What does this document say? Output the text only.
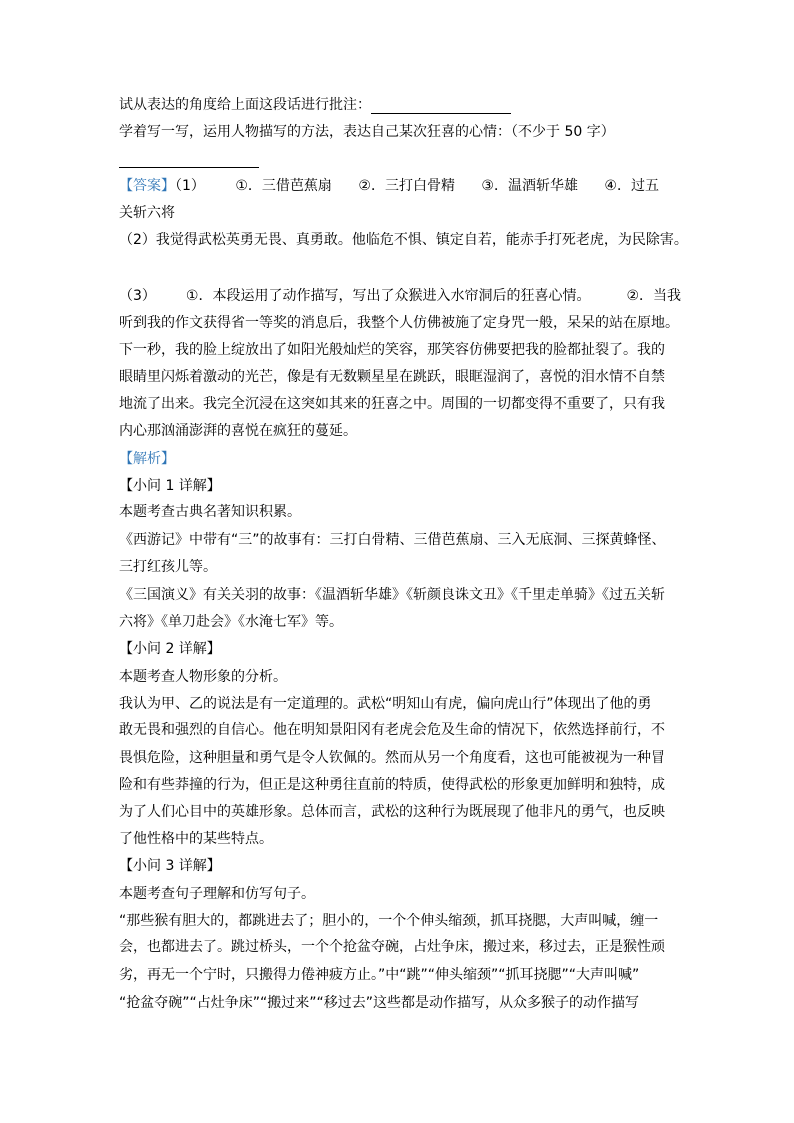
试从表达的角度给上面这段话进行批注：
学着写一写，运用人物描写的方法，表达自己某次狂喜的心情：（不少于 50 字）
【答案】（1） ①．三借芭蕉扇 ②．三打白骨精 ③．温酒斩华雄 ④．过五
关斩六将
（2）我觉得武松英勇无畏、真勇敢。他临危不惧、镇定自若，能赤手打死老虎，为民除害。
（3） ①．本段运用了动作描写，写出了众猴进入水帘洞后的狂喜心情。	②．当我
听到我的作文获得省一等奖的消息后，我整个人仿佛被施了定身咒一般，呆呆的站在原地。
下一秒，我的脸上绽放出了如阳光般灿烂的笑容，那笑容仿佛要把我的脸都扯裂了。我的
眼睛里闪烁着激动的光芒，像是有无数颗星星在跳跃，眼眶湿润了，喜悦的泪水情不自禁
地流了出来。我完全沉浸在这突如其来的狂喜之中。周围的一切都变得不重要了，只有我
内心那汹涌澎湃的喜悦在疯狂的蔓延。
【解析】
【小问 1 详解】
本题考查古典名著知识积累。
《西游记》中带有“三”的故事有：三打白骨精、三借芭蕉扇、三入无底洞、三探黄蜂怪、
三打红孩儿等。
《三国演义》有关关羽的故事：《温酒斩华雄》《斩颜良诛文丑》《千里走单骑》《过五关斩
六将》《单刀赴会》《水淹七军》等。
【小问 2 详解】
本题考查人物形象的分析。
我认为甲、乙的说法是有一定道理的。武松“明知山有虎，偏向虎山行”体现出了他的勇
敢无畏和强烈的自信心。他在明知景阳冈有老虎会危及生命的情况下，依然选择前行，不
畏惧危险，这种胆量和勇气是令人钦佩的。然而从另一个角度看，这也可能被视为一种冒
险和有些莽撞的行为，但正是这种勇往直前的特质，使得武松的形象更加鲜明和独特，成
为了人们心目中的英雄形象。总体而言，武松的这种行为既展现了他非凡的勇气，也反映
了他性格中的某些特点。
【小问 3 详解】
本题考查句子理解和仿写句子。
“那些猴有胆大的，都跳进去了；胆小的，一个个伸头缩颈，抓耳挠腮，大声叫喊，缠一
会，也都进去了。跳过桥头，一个个抢盆夺碗，占灶争床，搬过来，移过去，正是猴性顽
劣，再无一个宁时，只搬得力倦神疲方止。”中“跳”“伸头缩颈”“抓耳挠腮”“大声叫喊”
“抢盆夺碗”“占灶争床”“搬过来”“移过去”这些都是动作描写，从众多猴子的动作描写
